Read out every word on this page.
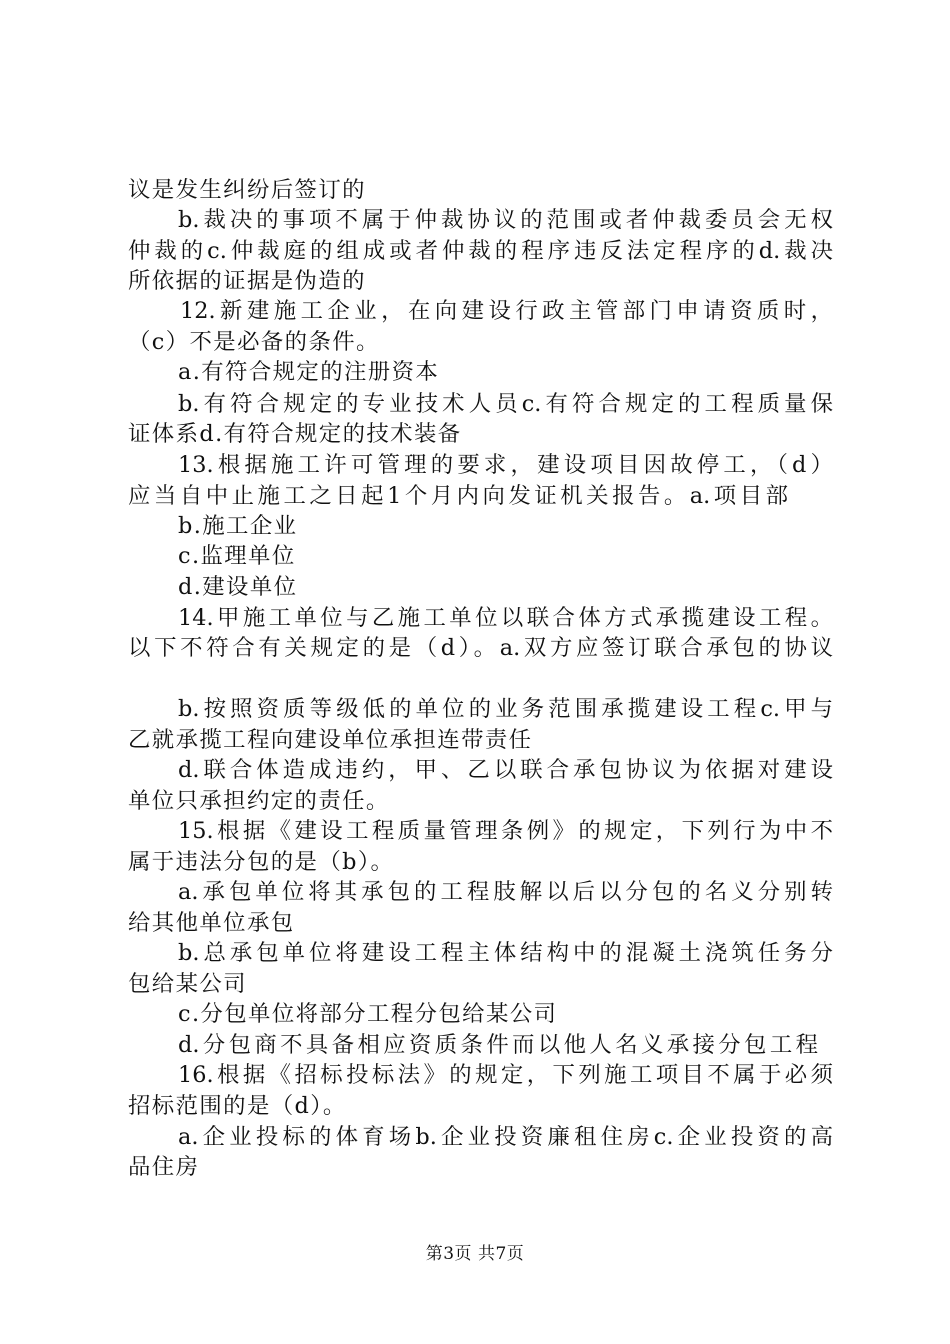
议是发生纠纷后签订的
b.裁决的事项不属于仲裁协议的范围或者仲裁委员会无权
仲裁的c.仲裁庭的组成或者仲裁的程序违反法定程序的d.裁决
所依据的证据是伪造的
12.新建施工企业，在向建设行政主管部门申请资质时，
（c）不是必备的条件。
a.有符合规定的注册资本
b.有符合规定的专业技术人员c.有符合规定的工程质量保
证体系d.有符合规定的技术装备
13.根据施工许可管理的要求，建设项目因故停工，（d）
应当自中止施工之日起1个月内向发证机关报告。a.项目部
b.施工企业
c.监理单位
d.建设单位
14.甲施工单位与乙施工单位以联合体方式承揽建设工程。
以下不符合有关规定的是（d）。a.双方应签订联合承包的协议
b.按照资质等级低的单位的业务范围承揽建设工程c.甲与
乙就承揽工程向建设单位承担连带责任
d.联合体造成违约，甲、乙以联合承包协议为依据对建设
单位只承担约定的责任。
15.根据《建设工程质量管理条例》的规定，下列行为中不
属于违法分包的是（b）。
a.承包单位将其承包的工程肢解以后以分包的名义分别转
给其他单位承包
b.总承包单位将建设工程主体结构中的混凝土浇筑任务分
包给某公司
c.分包单位将部分工程分包给某公司
d.分包商不具备相应资质条件而以他人名义承接分包工程
16.根据《招标投标法》的规定，下列施工项目不属于必须
招标范围的是（d）。
a.企业投标的体育场b.企业投资廉租住房c.企业投资的高
品住房
第3页 共7页
